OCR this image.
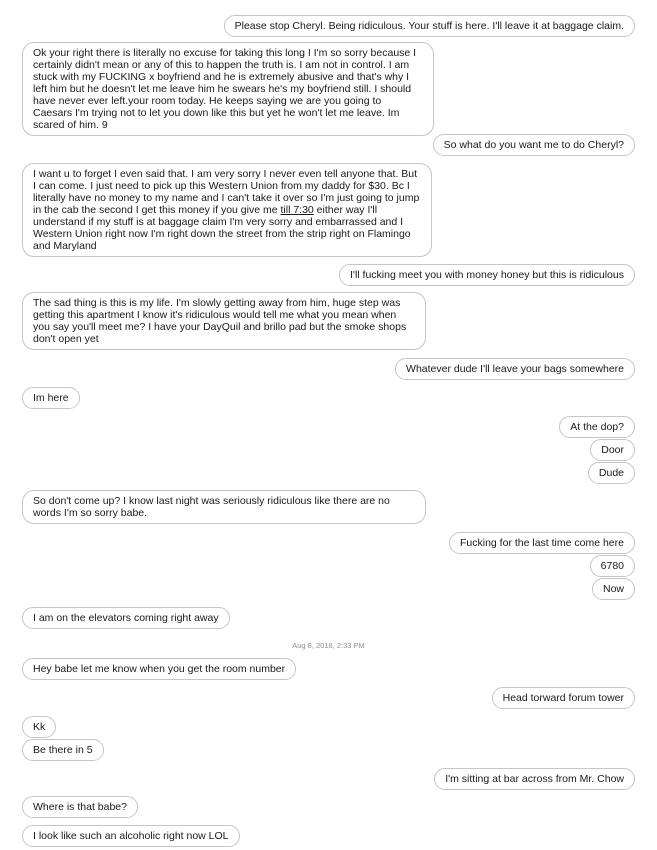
Please stop Cheryl. Being ridiculous. Your stuff is here. I'll leave it at baggage claim.
Ok your right there is literally no excuse for taking this long I I'm so sorry because I certainly didn't mean or any of this to happen the truth is. I am not in control. I am stuck with my FUCKING x boyfriend and he is extremely abusive and that's why I left him but he doesn't let me leave him he swears he's my boyfriend still. I should have never ever left.your room today. He keeps saying we are you going to Caesars I'm trying not to let you down like this but yet he won't let me leave. Im scared of him. 9
So what do you want me to do Cheryl?
I want u to forget I even said that. I am very sorry I never even tell anyone that. But I can come. I just need to pick up this Western Union from my daddy for $30. Bc I literally have no money to my name and I can't take it over so I'm just going to jump in the cab the second I get this money if you give me till 7:30 either way I'll understand if my stuff is at baggage claim I'm very sorry and embarrassed and I Western Union right now I'm right down the street from the strip right on Flamingo and Maryland
I'll fucking meet you with money honey but this is ridiculous
The sad thing is this is my life. I'm slowly getting away from him, huge step was getting this apartment I know it's ridiculous would tell me what you mean when you say you'll meet me? I have your DayQuil and brillo pad but the smoke shops don't open yet
Whatever dude I'll leave your bags somewhere
Im here
At the dop?
Door
Dude
So don't come up? I know last night was seriously ridiculous like there are no words I'm so sorry babe.
Fucking for the last time come here
6780
Now
I am on the elevators coming right away
Aug 8, 2018, 2:33 PM
Hey babe let me know when you get the room number
Head torward forum tower
Kk
Be there in 5
I'm sitting at bar across from Mr. Chow
Where is that babe?
I look like such an alcoholic right now LOL
